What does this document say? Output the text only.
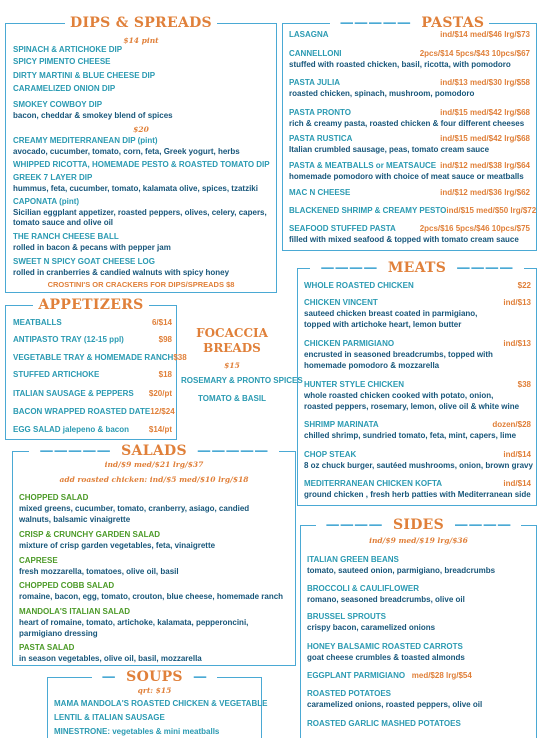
DIPS & SPREADS
$14 pint
SPINACH & ARTICHOKE DIP
SPICY PIMENTO CHEESE
DIRTY MARTINI & BLUE CHEESE DIP
CARAMELIZED ONION DIP
SMOKEY COWBOY DIP
bacon, cheddar & smokey blend of spices
$20
CREAMY MEDITERRANEAN DIP (pint)
avocado, cucumber, tomato, corn, feta, Greek yogurt, herbs
WHIPPED RICOTTA, HOMEMADE PESTO & ROASTED TOMATO DIP
GREEK 7 LAYER DIP
hummus, feta, cucumber, tomato, kalamata olive, spices, tzatziki
CAPONATA (pint)
Sicilian eggplant appetizer, roasted peppers, olives, celery, capers,
tomato sauce and olive oil
THE RANCH CHEESE BALL
rolled in bacon & pecans with pepper jam
SWEET N SPICY GOAT CHEESE LOG
rolled in cranberries & candied walnuts with spicy honey
CROSTINI'S OR CRACKERS FOR DIPS/SPREADS $8
APPETIZERS
MEATBALLS	6/$14
ANTIPASTO TRAY (12-15 ppl)	$98
VEGETABLE TRAY & HOMEMADE RANCH $38
STUFFED ARTICHOKE	$18
ITALIAN SAUSAGE & PEPPERS $20/pt
BACON WRAPPED ROASTED DATE 12/$24
EGG SALAD jalepeno & bacon $14/pt
FOCACCIA
BREADS
$15
ROSEMARY & PRONTO SPICES
TOMATO & BASIL
————— PASTAS
LASAGNA	ind/$14 med/$46 lrg/$73
CANNELLONI	2pcs/$14 5pcs/$43 10pcs/$67
stuffed with roasted chicken, basil, ricotta, with pomodoro
PASTA JULIA	ind/$13 med/$30 lrg/$58
roasted chicken, spinach, mushroom, pomodoro
PASTA PRONTO	ind/$15 med/$42 lrg/$68
rich & creamy pasta, roasted chicken & four different cheeses
PASTA RUSTICA	ind/$15 med/$42 lrg/$68
Italian crumbled sausage, peas, tomato cream sauce
PASTA & MEATBALLS or MEATSAUCE ind/$12 med/$38 lrg/$64
homemade pomodoro with choice of meat sauce or meatballs
MAC N CHEESE	ind/$12 med/$36 lrg/$62
BLACKENED SHRIMP & CREAMY PESTO ind/$15 med/$50 lrg/$72
SEAFOOD STUFFED PASTA	2pcs/$16 5pcs/$46 10pcs/$75
filled with mixed seafood & topped with tomato cream sauce
———— MEATS ————
WHOLE ROASTED CHICKEN	$22
CHICKEN VINCENT	ind/$13
sauteed chicken breast coated in parmigiano,
topped with artichoke heart, lemon butter
CHICKEN PARMIGIANO	ind/$13
encrusted in seasoned breadcrumbs, topped with
homemade pomodoro & mozzarella
HUNTER STYLE CHICKEN	$38
whole roasted chicken cooked with potato, onion,
roasted peppers, rosemary, lemon, olive oil & white wine
SHRIMP MARINATA	dozen/$28
chilled shrimp, sundried tomato, feta, mint, capers, lime
CHOP STEAK	ind/$14
8 oz chuck burger, sautéed mushrooms, onion, brown gravy
MEDITERRANEAN CHICKEN KOFTA	ind/$14
ground chicken , fresh herb patties with Mediterranean side
————— SALADS —————
ind/$9 med/$21 lrg/$37
add roasted chicken: ind/$5 med/$10 lrg/$18
CHOPPED SALAD
mixed greens, cucumber, tomato, cranberry, asiago, candied
walnuts, balsamic vinaigrette
CRISP & CRUNCHY GARDEN SALAD
mixture of crisp garden vegetables, feta, vinaigrette
CAPRESE
fresh mozzarella, tomatoes, olive oil, basil
CHOPPED COBB SALAD
romaine, bacon, egg, tomato, crouton, blue cheese, homemade ranch
MANDOLA'S ITALIAN SALAD
heart of romaine, tomato, artichoke, kalamata, pepperoncini,
parmigiano dressing
PASTA SALAD
in season vegetables, olive oil, basil, mozzarella
— SOUPS —
qrt: $15
MAMA MANDOLA'S ROASTED CHICKEN & VEGETABLE
LENTIL & ITALIAN SAUSAGE
MINESTRONE: vegetables & mini meatballs
———— SIDES ————
ind/$9 med/$19 lrg/$36
ITALIAN GREEN BEANS
tomato, sauteed onion, parmigiano, breadcrumbs
BROCCOLI & CAULIFLOWER
romano, seasoned breadcrumbs, olive oil
BRUSSEL SPROUTS
crispy bacon, caramelized onions
HONEY BALSAMIC ROASTED CARROTS
goat cheese crumbles & toasted almonds
EGGPLANT PARMIGIANO med/$28 lrg/$54
ROASTED POTATOES
caramelized onions, roasted peppers, olive oil
ROASTED GARLIC MASHED POTATOES
